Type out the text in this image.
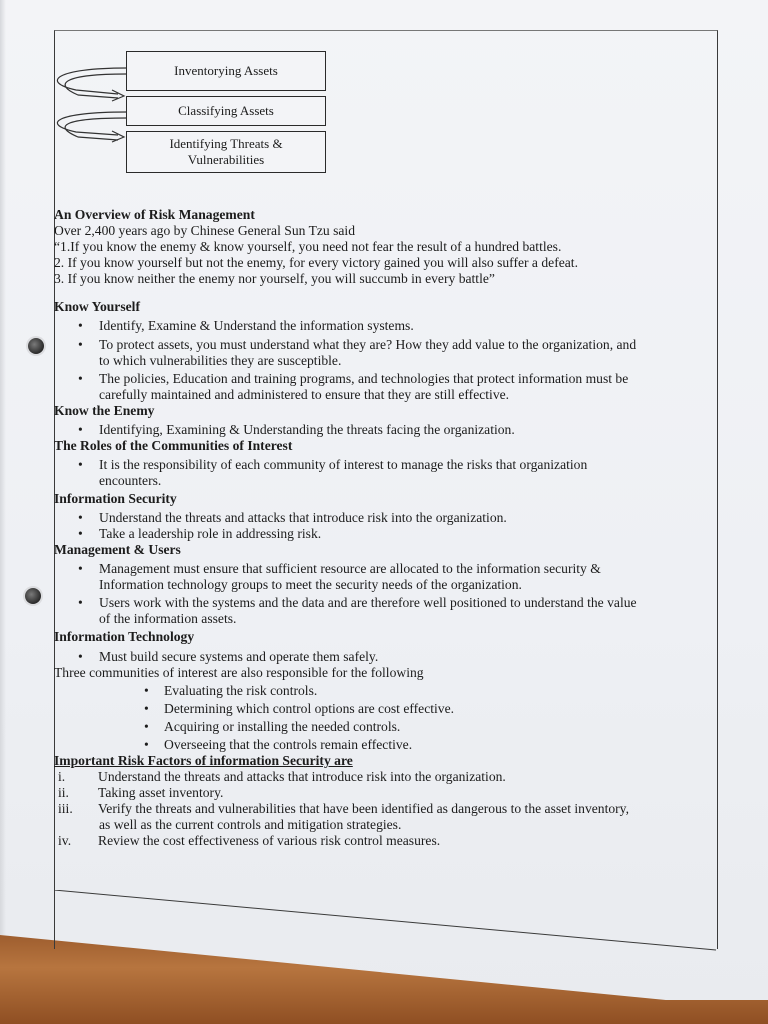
Inventorying Assets
Classifying Assets
Identifying Threats &
Vulnerabilities
An Overview of Risk Management
Over 2,400 years ago by Chinese General Sun Tzu said
“1.If you know the enemy & know yourself, you need not fear the result of a hundred battles.
2. If you know yourself but not the enemy, for every victory gained you will also suffer a defeat.
3. If you know neither the enemy nor yourself, you will succumb in every battle”
Know Yourself
• Identify, Examine & Understand the information systems.
• To protect assets, you must understand what they are? How they add value to the organization, and
to which vulnerabilities they are susceptible.
• The policies, Education and training programs, and technologies that protect information must be
carefully maintained and administered to ensure that they are still effective.
Know the Enemy
• Identifying, Examining & Understanding the threats facing the organization.
The Roles of the Communities of Interest
• It is the responsibility of each community of interest to manage the risks that organization
encounters.
Information Security
• Understand the threats and attacks that introduce risk into the organization.
• Take a leadership role in addressing risk.
Management & Users
• Management must ensure that sufficient resource are allocated to the information security &
Information technology groups to meet the security needs of the organization.
• Users work with the systems and the data and are therefore well positioned to understand the value
of the information assets.
Information Technology
• Must build secure systems and operate them safely.
Three communities of interest are also responsible for the following
• Evaluating the risk controls.
• Determining which control options are cost effective.
• Acquiring or installing the needed controls.
• Overseeing that the controls remain effective.
Important Risk Factors of information Security are
i.	Understand the threats and attacks that introduce risk into the organization.
ii.	Taking asset inventory.
iii.	Verify the threats and vulnerabilities that have been identified as dangerous to the asset inventory,
as well as the current controls and mitigation strategies.
iv.	Review the cost effectiveness of various risk control measures.
